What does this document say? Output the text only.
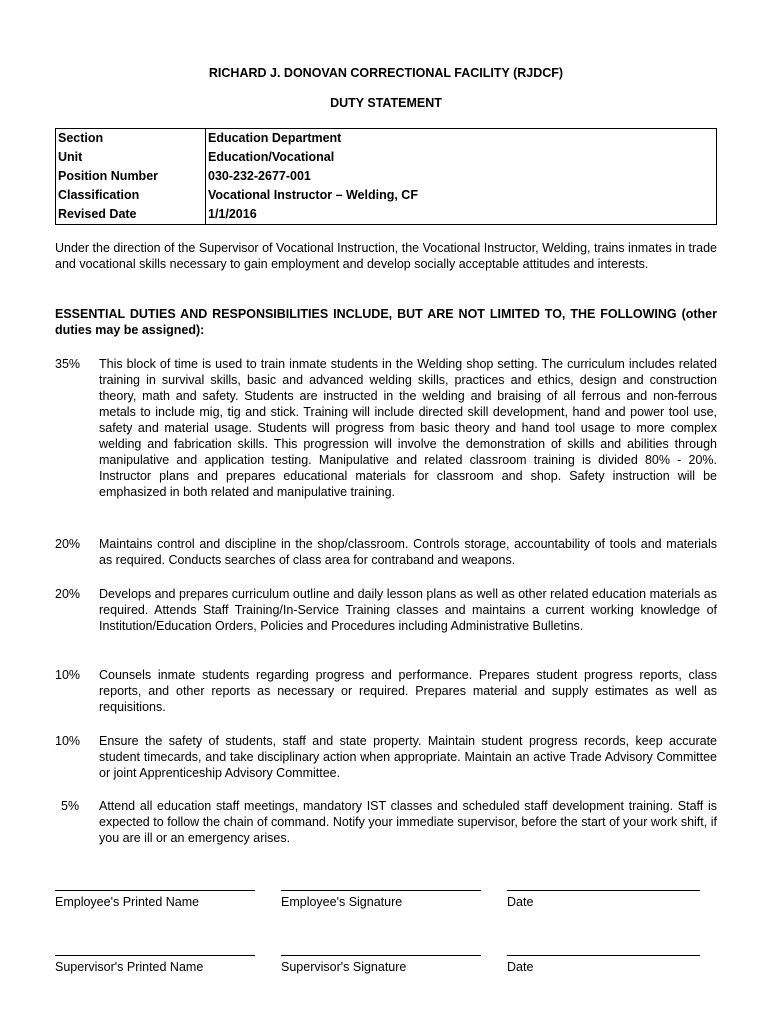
RICHARD J. DONOVAN CORRECTIONAL FACILITY (RJDCF)
DUTY STATEMENT
Section	Education Department
Unit	Education/Vocational
Position Number	030-232-2677-001
Classification	Vocational Instructor – Welding, CF
Revised Date	1/1/2016
Under the direction of the Supervisor of Vocational Instruction, the Vocational Instructor, Welding, trains inmates in trade and vocational skills necessary to gain employment and develop socially acceptable attitudes and interests.
ESSENTIAL DUTIES AND RESPONSIBILITIES INCLUDE, BUT ARE NOT LIMITED TO, THE FOLLOWING (other duties may be assigned):
35%	This block of time is used to train inmate students in the Welding shop setting. The curriculum includes related training in survival skills, basic and advanced welding skills, practices and ethics, design and construction theory, math and safety. Students are instructed in the welding and braising of all ferrous and non-ferrous metals to include mig, tig and stick. Training will include directed skill development, hand and power tool use, safety and material usage. Students will progress from basic theory and hand tool usage to more complex welding and fabrication skills. This progression will involve the demonstration of skills and abilities through manipulative and application testing. Manipulative and related classroom training is divided 80% - 20%. Instructor plans and prepares educational materials for classroom and shop. Safety instruction will be emphasized in both related and manipulative training.
20%	Maintains control and discipline in the shop/classroom. Controls storage, accountability of tools and materials as required. Conducts searches of class area for contraband and weapons.
20%	Develops and prepares curriculum outline and daily lesson plans as well as other related education materials as required. Attends Staff Training/In-Service Training classes and maintains a current working knowledge of Institution/Education Orders, Policies and Procedures including Administrative Bulletins.
10%	Counsels inmate students regarding progress and performance. Prepares student progress reports, class reports, and other reports as necessary or required. Prepares material and supply estimates as well as requisitions.
10%	Ensure the safety of students, staff and state property. Maintain student progress records, keep accurate student timecards, and take disciplinary action when appropriate. Maintain an active Trade Advisory Committee or joint Apprenticeship Advisory Committee.
5%	Attend all education staff meetings, mandatory IST classes and scheduled staff development training. Staff is expected to follow the chain of command. Notify your immediate supervisor, before the start of your work shift, if you are ill or an emergency arises.
Employee's Printed Name	Employee's Signature	Date
Supervisor's Printed Name	Supervisor's Signature	Date
